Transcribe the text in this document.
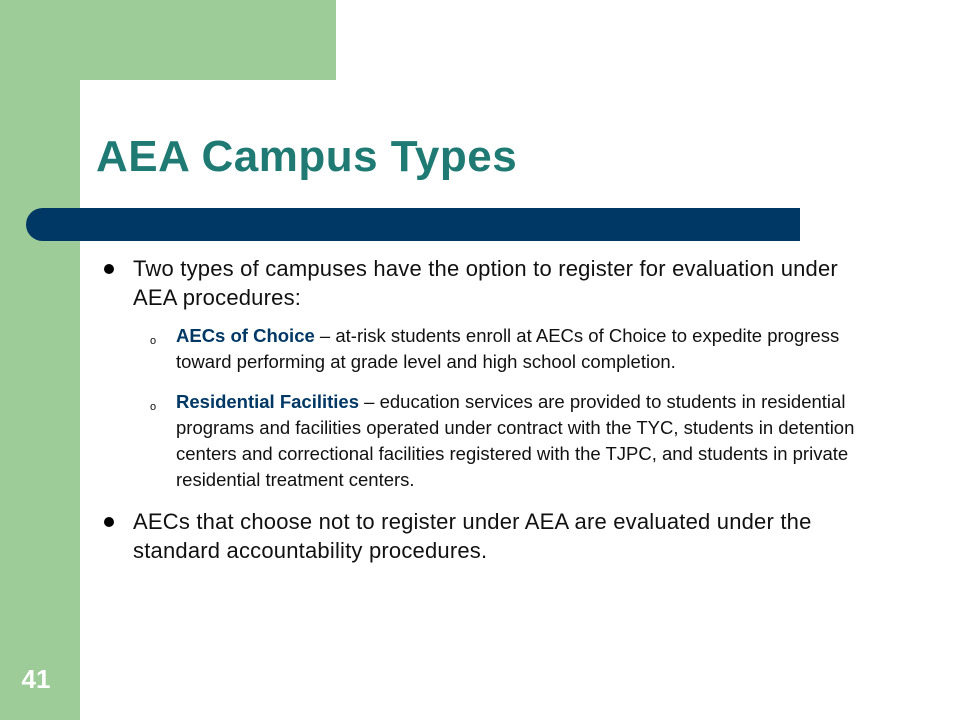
AEA Campus Types
Two types of campuses have the option to register for evaluation under AEA procedures:
o AECs of Choice – at-risk students enroll at AECs of Choice to expedite progress toward performing at grade level and high school completion.
o Residential Facilities – education services are provided to students in residential programs and facilities operated under contract with the TYC, students in detention centers and correctional facilities registered with the TJPC, and students in private residential treatment centers.
AECs that choose not to register under AEA are evaluated under the standard accountability procedures.
41
